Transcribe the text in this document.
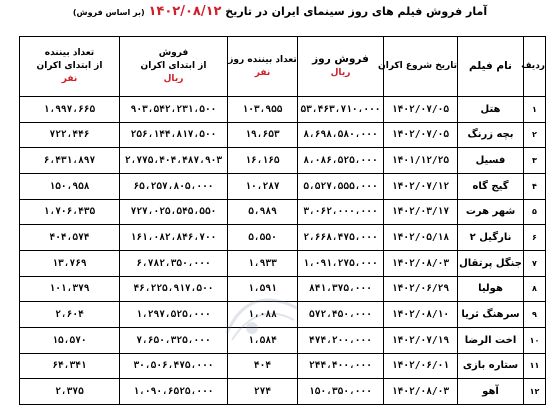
آمار فروش فیلم های روز سینمای ایران در تاریخ ۱۴۰۲/۰۸/۱۲ (بر اساس فروش)
ردیف	نام فیلم	تاریخ شروع اکران	فروش روز
ریال	تعداد بیننده روز
نفر	فروش
از ابتدای اکران
ریال	تعداد بیننده
از ابتدای اکران
نفر

۱	هتل	۱۴۰۲/۰۷/۰۵	۵۳،۴۶۳،۷۱۰،۰۰۰	۱۰۳،۹۵۵	۹۰۳،۵۴۲،۲۳۱،۵۰۰	۱،۹۹۷،۶۶۵
۲	بچه زرنگ	۱۴۰۲/۰۷/۰۵	۸،۶۹۸،۵۸۰،۰۰۰	۱۹،۶۵۳	۲۵۶،۱۴۴،۸۱۷،۵۰۰	۷۲۲،۴۴۶
۳	فسیل	۱۴۰۱/۱۲/۲۵	۸،۰۸۶،۵۲۵،۰۰۰	۱۶،۱۶۵	۲،۷۷۵،۴۰۴،۴۸۷،۹۰۳	۶،۴۳۱،۸۹۷
۴	گیج گاه	۱۴۰۲/۰۷/۱۲	۵،۵۲۷،۵۵۵،۰۰۰	۱۰،۲۸۷	۶۵،۲۵۷،۸۰۵،۰۰۰	۱۵۰،۹۵۸
۵	شهر هرت	۱۴۰۲/۰۳/۱۷	۳،۰۶۲،۰۰۰،۰۰۰	۵،۹۸۹	۷۲۷،۰۲۵،۵۴۵،۵۵۰	۱،۷۰۶،۴۳۵
۶	نارگیل ۲	۱۴۰۲/۰۵/۱۸	۲،۶۶۸،۴۷۵،۰۰۰	۵،۵۵۰	۱۶۱،۰۸۲،۸۴۶،۷۰۰	۴۰۴،۵۷۴
۷	جنگل پرتقال	۱۴۰۲/۰۸/۰۳	۱،۰۹۱،۲۷۵،۰۰۰	۱،۹۳۳	۶،۷۸۲،۳۵۰،۰۰۰	۱۳،۷۶۹
۸	هولیا	۱۴۰۲/۰۶/۲۹	۸۴۱،۳۷۵،۰۰۰	۱،۵۹۱	۴۶،۲۲۵،۹۱۷،۵۰۰	۱۰۱،۳۷۹
۹	سرهنگ ثریا	۱۴۰۲/۰۸/۱۰	۵۷۲،۴۵۰،۰۰۰	۱،۰۸۸	۱،۲۹۷،۵۲۵،۰۰۰	۲،۶۰۴
۱۰	اخت الرضا	۱۴۰۲/۰۷/۱۹	۴۷۴،۲۰۰،۰۰۰	۱،۵۸۴	۷،۶۵۰،۳۲۵،۰۰۰	۱۵،۵۷۰
۱۱	ستاره بازی	۱۴۰۲/۰۶/۰۱	۲۴۴،۴۰۰،۰۰۰	۴۰۴	۳۰،۵۰۶،۴۷۵،۰۰۰	۶۴،۳۴۱
۱۲	آهو	۱۴۰۲/۰۸/۰۳	۱۵۰،۳۵۰،۰۰۰	۲۷۴	۱،۰۹۰،۶۵۲۵،۰۰۰	۲،۳۷۵
